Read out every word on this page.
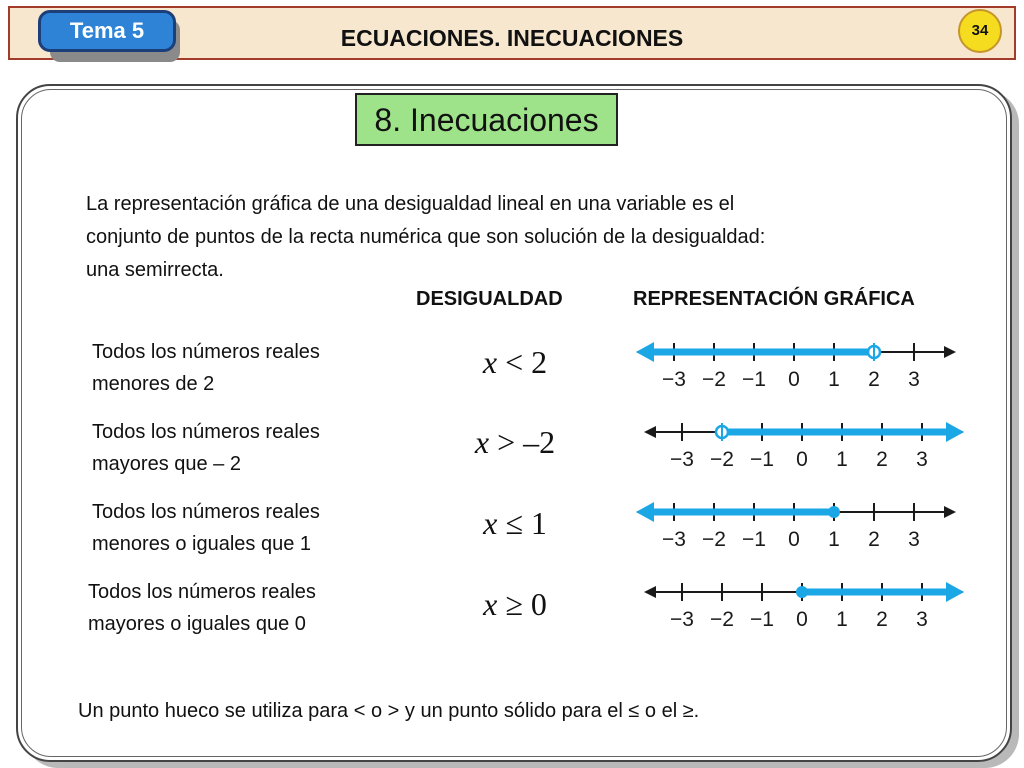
Tema 5	ECUACIONES. INECUACIONES	34
8. Inecuaciones

La representación gráfica de una desigualdad lineal en una variable es el
conjunto de puntos de la recta numérica que son solución de la desigualdad:
una semirrecta.

DESIGUALDAD	REPRESENTACIÓN GRÁFICA
Todos los números reales
menores de 2
x < 2	−3 −2 −1 0 1 2 3
Todos los números reales
mayores que – 2
x > –2	−3 −2 −1 0 1 2 3
Todos los números reales
menores o iguales que 1
x ≤ 1	−3 −2 −1 0 1 2 3
Todos los números reales
mayores o iguales que 0
x ≥ 0	−3 −2 −1 0 1 2 3
Un punto hueco se utiliza para < o > y un punto sólido para el ≤ o el ≥.
